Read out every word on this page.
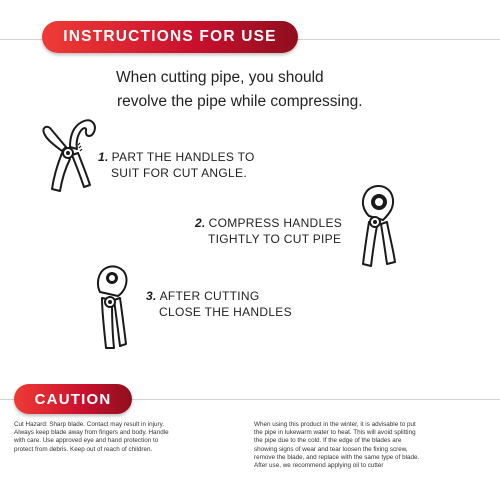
INSTRUCTIONS FOR USE
When cutting pipe, you should
revolve the pipe while compressing.
1. PART THE HANDLES TO
SUIT FOR CUT ANGLE.
2. COMPRESS HANDLES
TIGHTLY TO CUT PIPE
3. AFTER CUTTING
CLOSE THE HANDLES
CAUTION
Cut Hazard: Sharp blade. Contact may result in injury.
Always keep blade away from fingers and body. Handle
with care. Use approved eye and hand protection to
protect from debris. Keep out of reach of children.
When using this product in the winter, it is advisable to put
the pipe in lukewarm water to heat. This will avoid splitting
the pipe due to the cold. If the edge of the blades are
showing signs of wear and tear loosen the fixing screw,
remove the blade, and replace with the same type of blade.
After use, we recommend applying oil to cutter
